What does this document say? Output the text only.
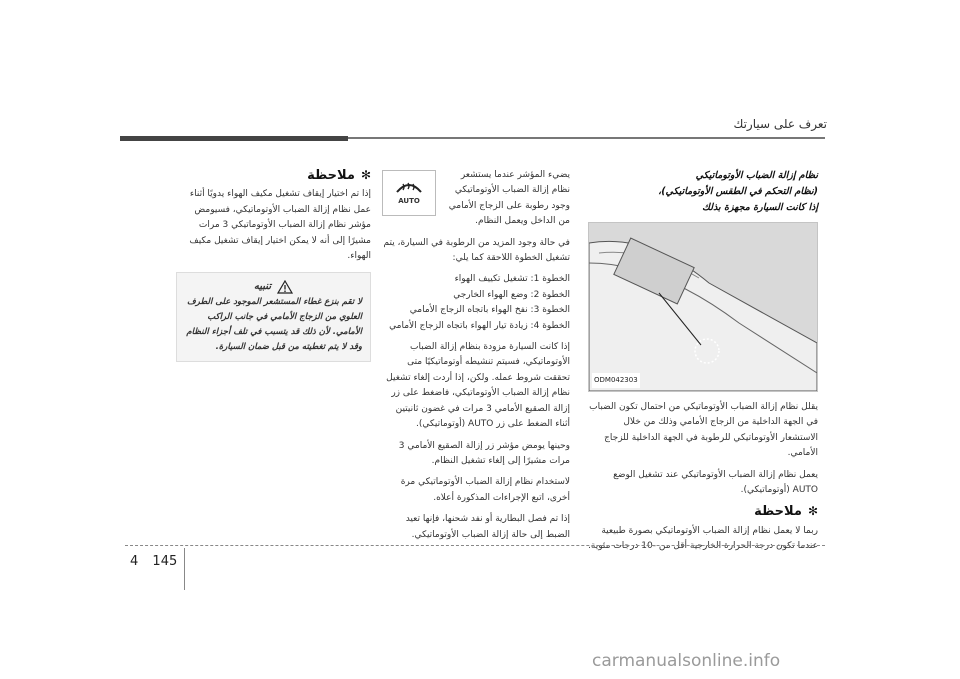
تعرف على سيارتك
نظام إزالة الضباب الأوتوماتيكي
(نظام التحكم في الطقس الأوتوماتيكي)،
إذا كانت السيارة مجهزة بذلك
ODM042303

يقلل نظام إزالة الضباب الأوتوماتيكي من احتمال تكون الضباب في الجهة الداخلية من الزجاج الأمامي وذلك من خلال الاستشعار الأوتوماتيكي للرطوبة في الجهة الداخلية للزجاج الأمامي.

يعمل نظام إزالة الضباب الأوتوماتيكي عند تشغيل الوضع AUTO (أوتوماتيكي).

✻ملاحظة

ربما لا يعمل نظام إزالة الضباب الأوتوماتيكي بصورة طبيعية عندما تكون درجة الحرارة الخارجية أقل من -10 درجات مئوية.

AUTO

يضيء المؤشر عندما يستشعر نظام إزالة الضباب الأوتوماتيكي وجود رطوبة على الزجاج الأمامي من الداخل ويعمل النظام.

في حالة وجود المزيد من الرطوبة في السيارة، يتم تشغيل الخطوة اللاحقة كما يلي:

الخطوة 1: تشغيل تكييف الهواء
الخطوة 2: وضع الهواء الخارجي
الخطوة 3: نفخ الهواء باتجاه الزجاج الأمامي
الخطوة 4: زيادة تيار الهواء باتجاه الزجاج الأمامي

إذا كانت السيارة مزودة بنظام إزالة الضباب الأوتوماتيكي، فسيتم تنشيطه أوتوماتيكيًا متى تحققت شروط عمله. ولكن، إذا أردت إلغاء تشغيل نظام إزالة الضباب الأوتوماتيكي، فاضغط على زر إزالة الصقيع الأمامي 3 مرات في غضون ثانيتين أثناء الضغط على زر AUTO (أوتوماتيكي).

وحينها يومض مؤشر زر إزالة الصقيع الأمامي 3 مرات مشيرًا إلى إلغاء تشغيل النظام.

لاستخدام نظام إزالة الضباب الأوتوماتيكي مرة أخرى، اتبع الإجراءات المذكورة أعلاه.

إذا تم فصل البطارية أو نفد شحنها، فإنها تعيد الضبط إلى حالة إزالة الضباب الأوتوماتيكي.

✻ملاحظة

إذا تم اختيار إيقاف تشغيل مكيف الهواء يدويًا أثناء عمل نظام إزالة الضباب الأوتوماتيكي، فسيومض مؤشر نظام إزالة الضباب الأوتوماتيكي 3 مرات مشيرًا إلى أنه لا يمكن اختيار إيقاف تشغيل مكيف الهواء.

تنبيه
لا تقم بنزع غطاء المستشعر الموجود على الطرف العلوي من الزجاج الأمامي في جانب الراكب الأمامي. لأن ذلك قد يتسبب في تلف أجزاء النظام وقد لا يتم تغطيته من قبل ضمان السيارة.
4 145
carmanualsonline.info
